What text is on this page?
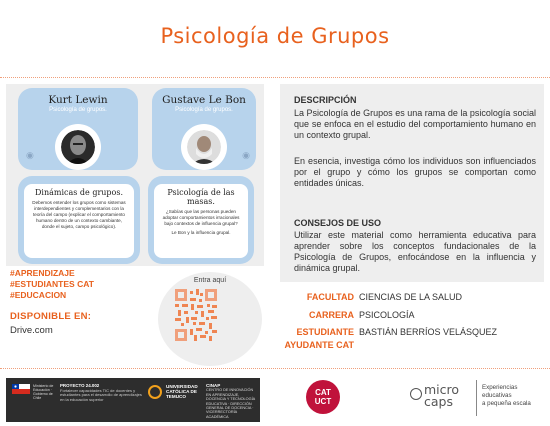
Psicología de Grupos
Kurt Lewin
Psicología de grupos.
◉
Gustave Le Bon
Psicología de grupos.
◉
Dinámicas de grupos.
Debemos entender los grupos como sistemas interdependientes y complementarios con la teoría del campo (explicar el comportamiento humano dentro de un contexto cambiante, donde el sujeto, campo psicológico).
Psicología de las masas.
¿Sabías que las personas pueden adoptar comportamientos irracionales bajo contextos de influencia grupal?
Le Bon y la influencia grupal.
#APRENDIZAJE
#ESTUDIANTES CAT
#EDUCACION
DISPONIBLE EN:
Drive.com
Entra aquí
DESCRIPCIÓN
La Psicología de Grupos es una rama de la psicología social que se enfoca en el estudio del comportamiento humano en un contexto grupal.
En esencia, investiga cómo los individuos son influenciados por el grupo y cómo los grupos se comportan como entidades únicas.
CONSEJOS DE USO
Utilizar este material como herramienta educativa para aprender sobre los conceptos fundacionales de la Psicología de Grupos, enfocándose en la influencia y dinámica grupal.
FACULTAD CIENCIAS DE LA SALUD
CARRERA PSICOLOGÍA
ESTUDIANTE BASTIÁN BERRÍOS VELÁSQUEZ
AYUDANTE CAT
Ministerio de Educación · Gobierno de Chile
PROYECTO 24.002
Fortalecer capacidades TIC de docentes y estudiantes para el desarrollo de aprendizajes en la educación superior
UNIVERSIDAD CATÓLICA DE TEMUCO
CINAP
CENTRO DE INNOVACIÓN EN APRENDIZAJE, DOCENCIA Y TECNOLOGÍA EDUCATIVA · DIRECCIÓN GENERAL DE DOCENCIA · VICERRECTORÍA ACADÉMICA
CAT
UCT
micro
caps
Experiencias
educativas
a pequeña escala
